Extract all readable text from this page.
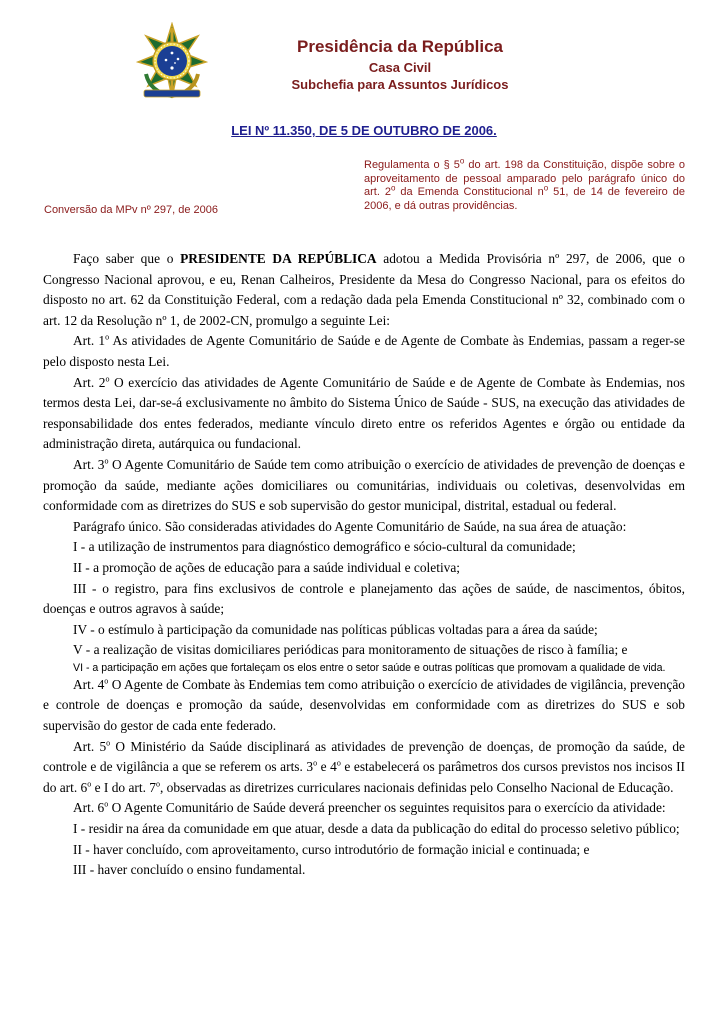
Presidência da República
Casa Civil
Subchefia para Assuntos Jurídicos
LEI Nº 11.350, DE 5 DE OUTUBRO DE 2006.
Regulamenta o § 5$^o$ do art. 198 da Constituição, dispõe sobre o aproveitamento de pessoal amparado pelo parágrafo único do art. 2$^o$ da Emenda Constitucional $n^o$ 51, de 14 de fevereiro de 2006, e dá outras providências.
Conversão da MPv nº 297, de 2006

Faço saber que o PRESIDENTE DA REPÚBLICA adotou a Medida Provisória nº 297, de 2006, que o Congresso Nacional aprovou, e eu, Renan Calheiros, Presidente da Mesa do Congresso Nacional, para os efeitos do disposto no art. 62 da Constituição Federal, com a redação dada pela Emenda Constitucional nº 32, combinado com o art. 12 da Resolução nº 1, de 2002-CN, promulgo a seguinte Lei:

Art. 1$^o$ As atividades de Agente Comunitário de Saúde e de Agente de Combate às Endemias, passam a reger-se pelo disposto nesta Lei.

Art. 2$^o$ O exercício das atividades de Agente Comunitário de Saúde e de Agente de Combate às Endemias, nos termos desta Lei, dar-se-á exclusivamente no âmbito do Sistema Único de Saúde - SUS, na execução das atividades de responsabilidade dos entes federados, mediante vínculo direto entre os referidos Agentes e órgão ou entidade da administração direta, autárquica ou fundacional.

Art. 3$^o$ O Agente Comunitário de Saúde tem como atribuição o exercício de atividades de prevenção de doenças e promoção da saúde, mediante ações domiciliares ou comunitárias, individuais ou coletivas, desenvolvidas em conformidade com as diretrizes do SUS e sob supervisão do gestor municipal, distrital, estadual ou federal.

Parágrafo único. São consideradas atividades do Agente Comunitário de Saúde, na sua área de atuação:

I - a utilização de instrumentos para diagnóstico demográfico e sócio-cultural da comunidade;

II - a promoção de ações de educação para a saúde individual e coletiva;

III - o registro, para fins exclusivos de controle e planejamento das ações de saúde, de nascimentos, óbitos, doenças e outros agravos à saúde;

IV - o estímulo à participação da comunidade nas políticas públicas voltadas para a área da saúde;

V - a realização de visitas domiciliares periódicas para monitoramento de situações de risco à família; e

VI - a participação em ações que fortaleçam os elos entre o setor saúde e outras políticas que promovam a qualidade de vida.

Art. 4$^o$ O Agente de Combate às Endemias tem como atribuição o exercício de atividades de vigilância, prevenção e controle de doenças e promoção da saúde, desenvolvidas em conformidade com as diretrizes do SUS e sob supervisão do gestor de cada ente federado.

Art. 5$^o$ O Ministério da Saúde disciplinará as atividades de prevenção de doenças, de promoção da saúde, de controle e de vigilância a que se referem os arts. 3$^o$ e 4$^o$ e estabelecerá os parâmetros dos cursos previstos nos incisos II do art. 6$^o$ e I do art. 7$^o$, observadas as diretrizes curriculares nacionais definidas pelo Conselho Nacional de Educação.

Art. 6$^o$ O Agente Comunitário de Saúde deverá preencher os seguintes requisitos para o exercício da atividade:

I - residir na área da comunidade em que atuar, desde a data da publicação do edital do processo seletivo público;

II - haver concluído, com aproveitamento, curso introdutório de formação inicial e continuada; e

III - haver concluído o ensino fundamental.
